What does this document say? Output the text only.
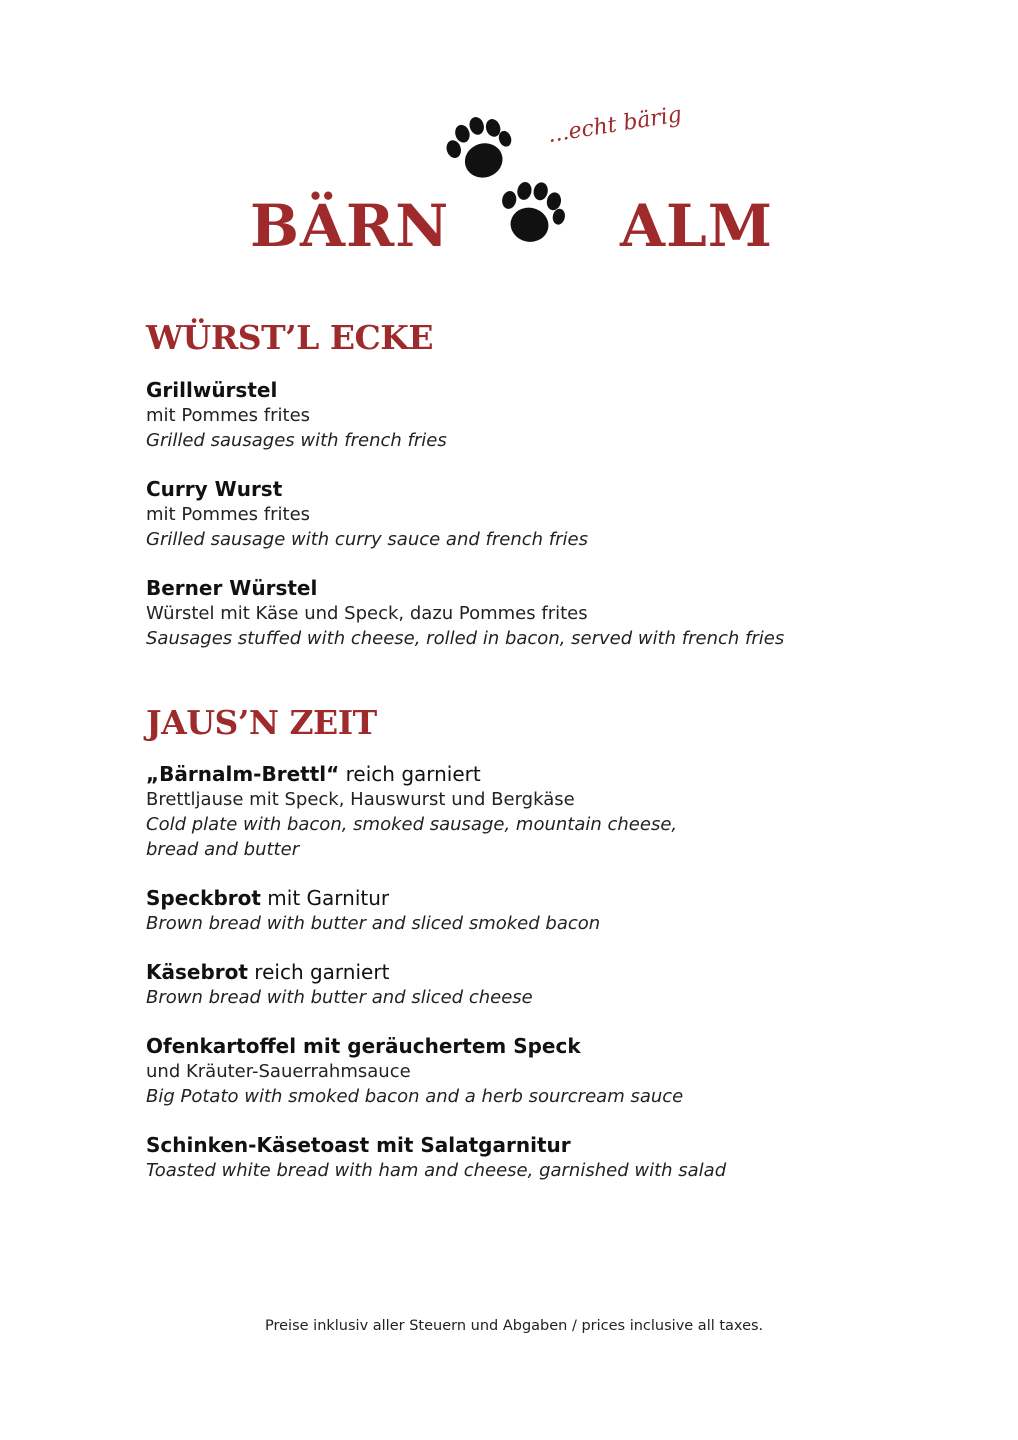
...echt bärig
BÄRN	ALM
WÜRST’L ECKE
Grillwürstel
mit Pommes frites
Grilled sausages with french fries
Curry Wurst
mit Pommes frites
Grilled sausage with curry sauce and french fries
Berner Würstel
Würstel mit Käse und Speck, dazu Pommes frites
Sausages stuffed with cheese, rolled in bacon, served with french fries
JAUS’N ZEIT
„Bärnalm-Brettl“ reich garniert
Brettljause mit Speck, Hauswurst und Bergkäse
Cold plate with bacon, smoked sausage, mountain cheese,
bread and butter
Speckbrot mit Garnitur
Brown bread with butter and sliced smoked bacon
Käsebrot reich garniert
Brown bread with butter and sliced cheese
Ofenkartoffel mit geräuchertem Speck
und Kräuter-Sauerrahmsauce
Big Potato with smoked bacon and a herb sourcream sauce
Schinken-Käsetoast mit Salatgarnitur
Toasted white bread with ham and cheese, garnished with salad
Preise inklusiv aller Steuern und Abgaben / prices inclusive all taxes.
